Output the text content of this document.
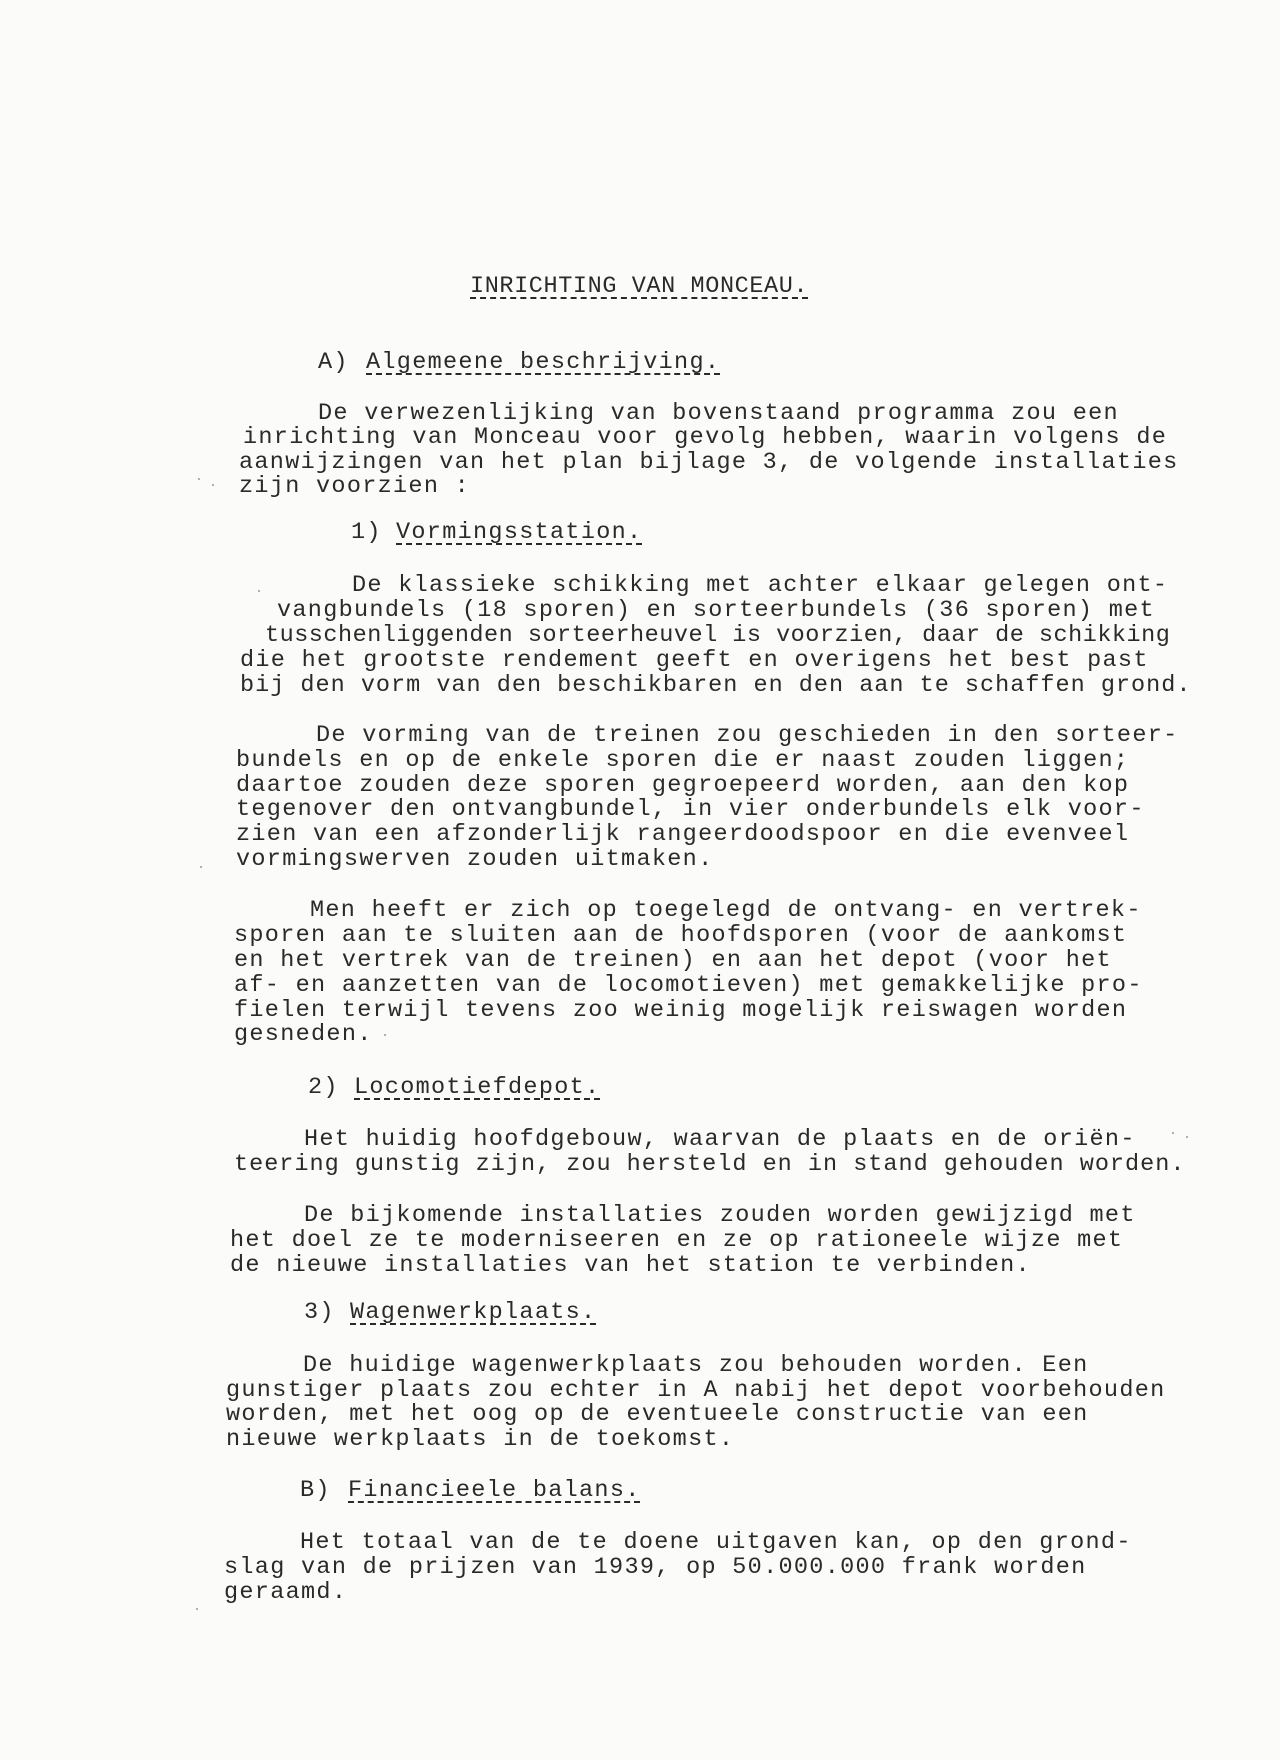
INRICHTING VAN MONCEAU.
A) Algemeene beschrijving.
De verwezenlijking van bovenstaand programma zou een
inrichting van Monceau voor gevolg hebben, waarin volgens de
aanwijzingen van het plan bijlage 3, de volgende installaties
zijn voorzien :
1) Vormingsstation.
De klassieke schikking met achter elkaar gelegen ont-
vangbundels (18 sporen) en sorteerbundels (36 sporen) met
tusschenliggenden sorteerheuvel is voorzien, daar de schikking
die het grootste rendement geeft en overigens het best past
bij den vorm van den beschikbaren en den aan te schaffen grond.
De vorming van de treinen zou geschieden in den sorteer-
bundels en op de enkele sporen die er naast zouden liggen;
daartoe zouden deze sporen gegroepeerd worden, aan den kop
tegenover den ontvangbundel, in vier onderbundels elk voor-
zien van een afzonderlijk rangeerdoodspoor en die evenveel
vormingswerven zouden uitmaken.
Men heeft er zich op toegelegd de ontvang- en vertrek-
sporen aan te sluiten aan de hoofdsporen (voor de aankomst
en het vertrek van de treinen) en aan het depot (voor het
af- en aanzetten van de locomotieven) met gemakkelijke pro-
fielen terwijl tevens zoo weinig mogelijk reiswagen worden
gesneden.
2) Locomotiefdepot.
Het huidig hoofdgebouw, waarvan de plaats en de oriën-
teering gunstig zijn, zou hersteld en in stand gehouden worden.
De bijkomende installaties zouden worden gewijzigd met
het doel ze te moderniseeren en ze op rationeele wijze met
de nieuwe installaties van het station te verbinden.
3) Wagenwerkplaats.
De huidige wagenwerkplaats zou behouden worden. Een
gunstiger plaats zou echter in A nabij het depot voorbehouden
worden, met het oog op de eventueele constructie van een
nieuwe werkplaats in de toekomst.
B) Financieele balans.
Het totaal van de te doene uitgaven kan, op den grond-
slag van de prijzen van 1939, op 50.000.000 frank worden
geraamd.
